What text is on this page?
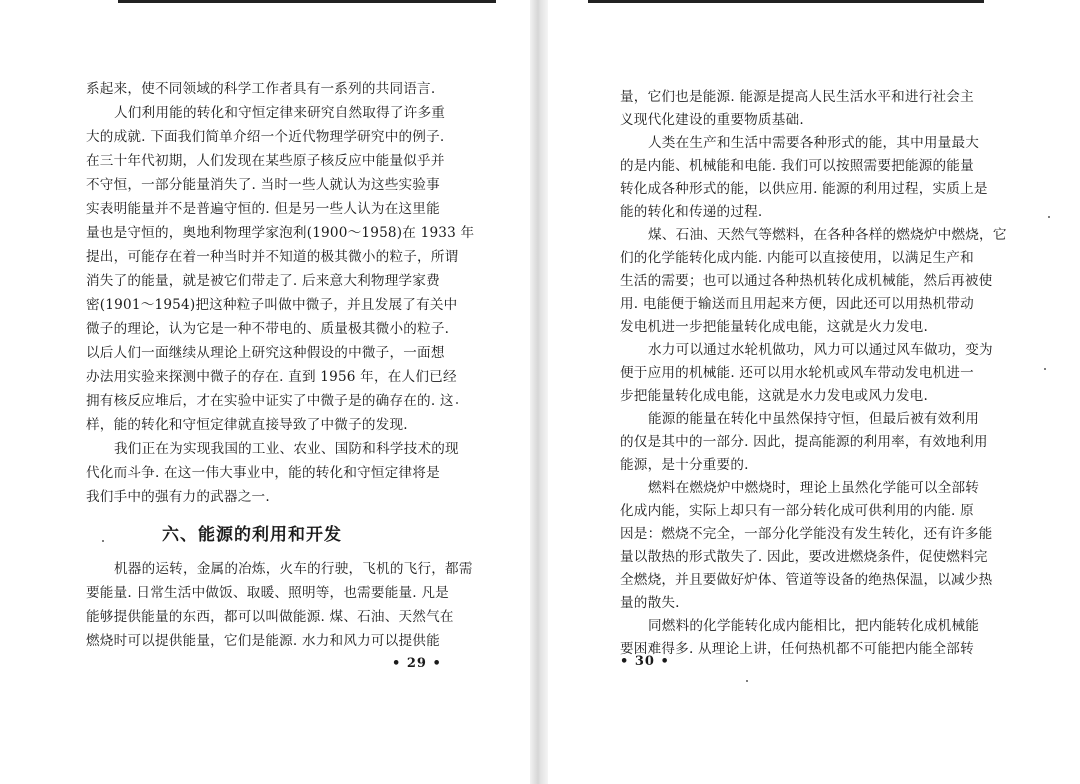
系起来，使不同领域的科学工作者具有一系列的共同语言.
人们利用能的转化和守恒定律来研究自然取得了许多重
大的成就. 下面我们简单介绍一个近代物理学研究中的例子.
在三十年代初期，人们发现在某些原子核反应中能量似乎并
不守恒，一部分能量消失了. 当时一些人就认为这些实验事
实表明能量并不是普遍守恒的. 但是另一些人认为在这里能
量也是守恒的，奥地利物理学家泡利(1900～1958)在 1933 年
提出，可能存在着一种当时并不知道的极其微小的粒子，所谓
消失了的能量，就是被它们带走了. 后来意大利物理学家费
密(1901～1954)把这种粒子叫做中微子，并且发展了有关中
微子的理论，认为它是一种不带电的、质量极其微小的粒子.
以后人们一面继续从理论上研究这种假设的中微子，一面想
办法用实验来探测中微子的存在. 直到 1956 年，在人们已经
拥有核反应堆后，才在实验中证实了中微子是的确存在的. 这
样，能的转化和守恒定律就直接导致了中微子的发现.
我们正在为实现我国的工业、农业、国防和科学技术的现
代化而斗争. 在这一伟大事业中，能的转化和守恒定律将是
我们手中的强有力的武器之一.
六、能源的利用和开发
机器的运转，金属的冶炼，火车的行驶，飞机的飞行，都需
要能量. 日常生活中做饭、取暖、照明等，也需要能量. 凡是
能够提供能量的东西，都可以叫做能源. 煤、石油、天然气在
燃烧时可以提供能量，它们是能源. 水力和风力可以提供能
• 29 •
量，它们也是能源. 能源是提高人民生活水平和进行社会主
义现代化建设的重要物质基础.
人类在生产和生活中需要各种形式的能，其中用量最大
的是内能、机械能和电能. 我们可以按照需要把能源的能量
转化成各种形式的能，以供应用. 能源的利用过程，实质上是
能的转化和传递的过程.
煤、石油、天然气等燃料，在各种各样的燃烧炉中燃烧，它
们的化学能转化成内能. 内能可以直接使用，以满足生产和
生活的需要；也可以通过各种热机转化成机械能，然后再被使
用. 电能便于输送而且用起来方便，因此还可以用热机带动
发电机进一步把能量转化成电能，这就是火力发电.
水力可以通过水轮机做功，风力可以通过风车做功，变为
便于应用的机械能. 还可以用水轮机或风车带动发电机进一
步把能量转化成电能，这就是水力发电或风力发电.
能源的能量在转化中虽然保持守恒，但最后被有效利用
的仅是其中的一部分. 因此，提高能源的利用率，有效地利用
能源，是十分重要的.
燃料在燃烧炉中燃烧时，理论上虽然化学能可以全部转
化成内能，实际上却只有一部分转化成可供利用的内能. 原
因是：燃烧不完全，一部分化学能没有发生转化，还有许多能
量以散热的形式散失了. 因此，要改进燃烧条件，促使燃料完
全燃烧，并且要做好炉体、管道等设备的绝热保温，以减少热
量的散失.
同燃料的化学能转化成内能相比，把内能转化成机械能
要困难得多. 从理论上讲，任何热机都不可能把内能全部转
• 30 •
